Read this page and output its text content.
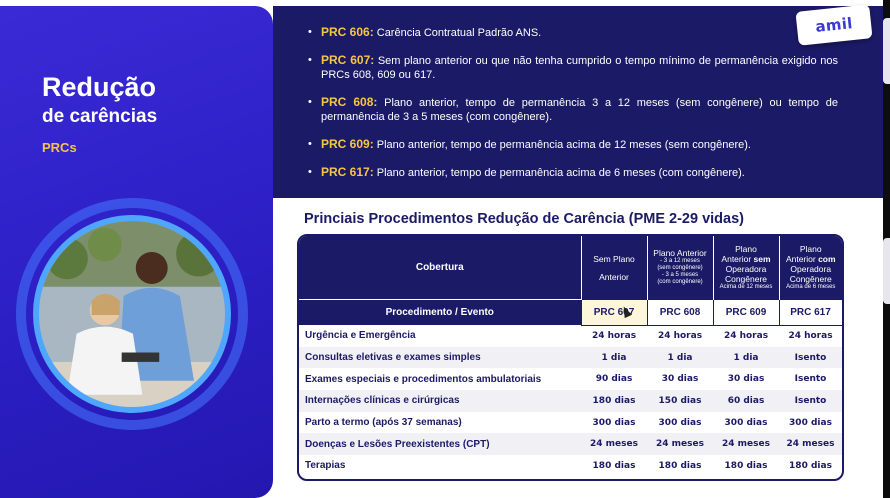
Redução
de carências
PRCs
• PRC 606: Carência Contratual Padrão ANS.
• PRC 607: Sem plano anterior ou que não tenha cumprido o tempo mínimo de permanência exigido nos PRCs 608, 609 ou 617.
• PRC 608: Plano anterior, tempo de permanência 3 a 12 meses (sem congênere) ou tempo de permanência de 3 a 5 meses (com congênere).
• PRC 609: Plano anterior, tempo de permanência acima de 12 meses (sem congênere).
• PRC 617: Plano anterior, tempo de permanência acima de 6 meses (com congênere).
amil
Princiais Procedimentos Redução de Carência (PME 2-29 vidas)
Cobertura	Sem Plano Anterior	Plano Anterior
- 3 a 12 meses
(sem congênere)
- 3 a 5 meses
(com congênere)	Plano
Anterior sem
Operadora Congênere
Acima de 12 meses	Plano
Anterior com
Operadora Congênere
Acima de 6 meses

Procedimento / Evento	PRC 607	PRC 608	PRC 609	PRC 617
Urgência e Emergência	24 horas	24 horas	24 horas	24 horas
Consultas eletivas e exames simples	1 dia	1 dia	1 dia	Isento
Exames especiais e procedimentos ambulatoriais	90 dias	30 dias	30 dias	Isento
Internações clínicas e cirúrgicas	180 dias	150 dias	60 dias	Isento
Parto a termo (após 37 semanas)	300 dias	300 dias	300 dias	300 dias
Doenças e Lesões Preexistentes (CPT)	24 meses	24 meses	24 meses	24 meses
Terapias	180 dias	180 dias	180 dias	180 dias
